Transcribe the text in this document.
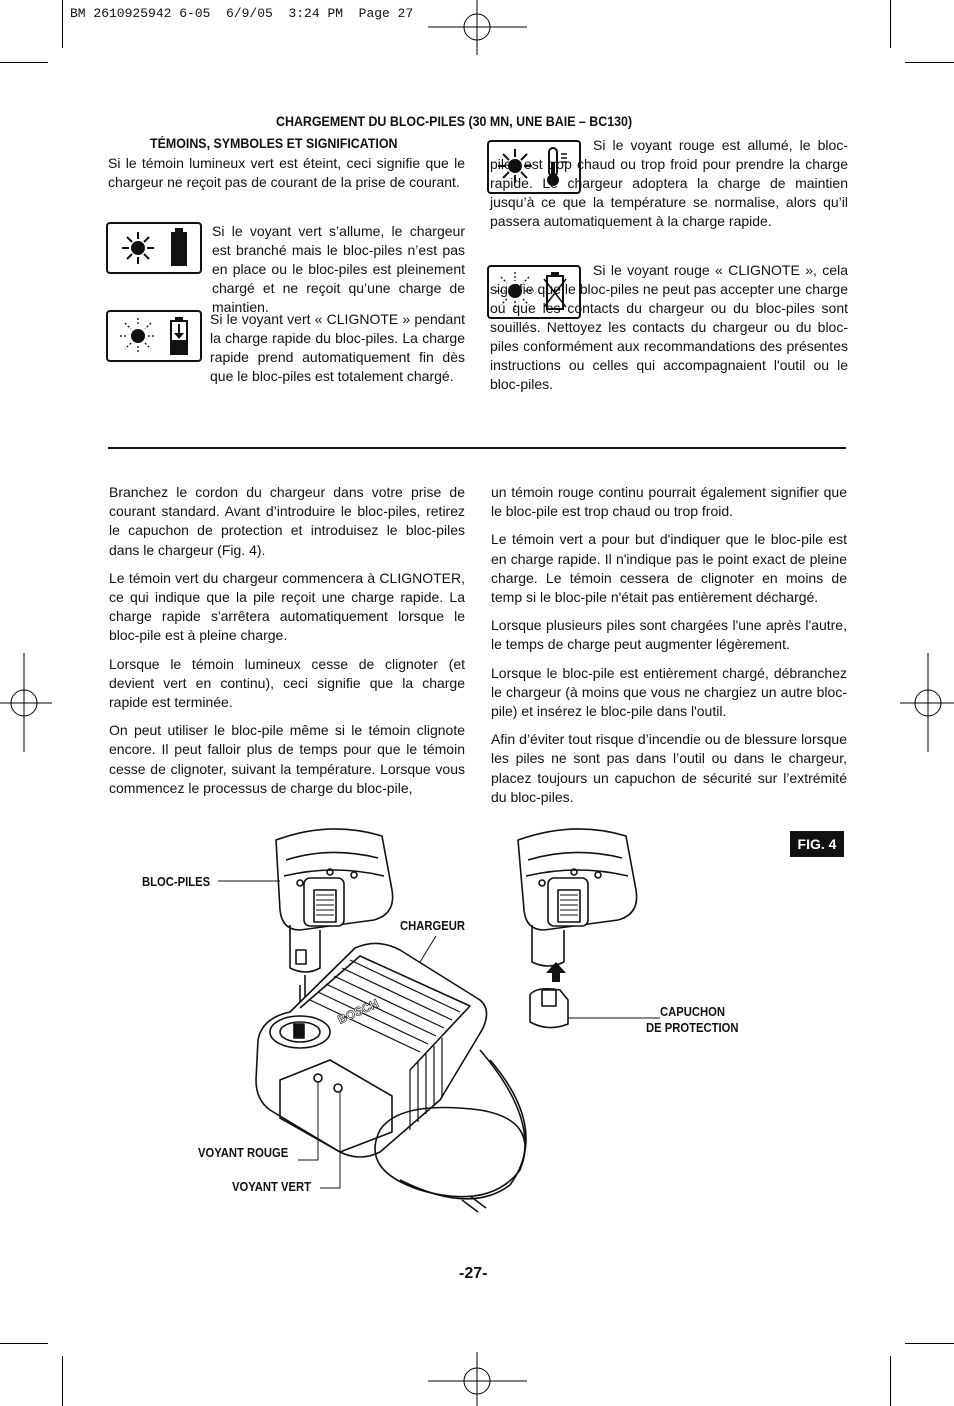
BM 2610925942 6-05  6/9/05  3:24 PM  Page 27
CHARGEMENT DU BLOC-PILES (30 MN, UNE BAIE – BC130)
TÉMOINS, SYMBOLES ET SIGNIFICATION
Si le témoin lumineux vert est éteint, ceci signifie que le chargeur ne reçoit pas de courant de la prise de courant.
Si le voyant vert s’allume, le chargeur est branché mais le bloc-piles n’est pas en place ou le bloc-piles est pleinement chargé et ne reçoit qu’une charge de maintien.
Si le voyant vert « CLIGNOTE » pendant la charge rapide du bloc-piles. La charge rapide prend automatiquement fin dès que le bloc-piles est totalement chargé.
Si le voyant rouge est allumé, le bloc-piles est trop chaud ou trop froid pour prendre la charge rapide. Le chargeur adoptera la charge de maintien jusqu’à ce que la température se normalise, alors qu’il passera automatiquement à la charge rapide.
Si le voyant rouge « CLIGNOTE », cela signifie que le bloc-piles ne peut pas accepter une charge ou que les contacts du chargeur ou du bloc-piles sont souillés. Nettoyez les contacts du chargeur ou du bloc-piles conformément aux recommandations des présentes instructions ou celles qui accompagnaient l'outil ou le bloc-piles.

Branchez le cordon du chargeur dans votre prise de courant standard. Avant d’introduire le bloc-piles, retirez le capuchon de protection et introduisez le bloc-piles dans le chargeur (Fig. 4).

Le témoin vert du chargeur commencera à CLIGNOTER, ce qui indique que la pile reçoit une charge rapide. La charge rapide s'arrêtera automatiquement lorsque le bloc-pile est à pleine charge.

Lorsque le témoin lumineux cesse de clignoter (et devient vert en continu), ceci signifie que la charge rapide est terminée.

On peut utiliser le bloc-pile même si le témoin clignote encore. Il peut falloir plus de temps pour que le témoin cesse de clignoter, suivant la température. Lorsque vous commencez le processus de charge du bloc-pile,

un témoin rouge continu pourrait également signifier que le bloc-pile est trop chaud ou trop froid.

Le témoin vert a pour but d'indiquer que le bloc-pile est en charge rapide. Il n'indique pas le point exact de pleine charge. Le témoin cessera de clignoter en moins de temp si le bloc-pile n'était pas entièrement déchargé.

Lorsque plusieurs piles sont chargées l'une après l'autre, le temps de charge peut augmenter légèrement.

Lorsque le bloc-pile est entièrement chargé, débranchez le chargeur (à moins que vous ne chargiez un autre bloc-pile) et insérez le bloc-pile dans l'outil.

Afin d’éviter tout risque d’incendie ou de blessure lorsque les piles ne sont pas dans l’outil ou dans le chargeur, placez toujours un capuchon de sécurité sur l’extrémité du bloc-piles.

FIG. 4
BOSCH
BLOC-PILES
CHARGEUR
CAPUCHON
DE PROTECTION
VOYANT ROUGE
VOYANT VERT
-27-
